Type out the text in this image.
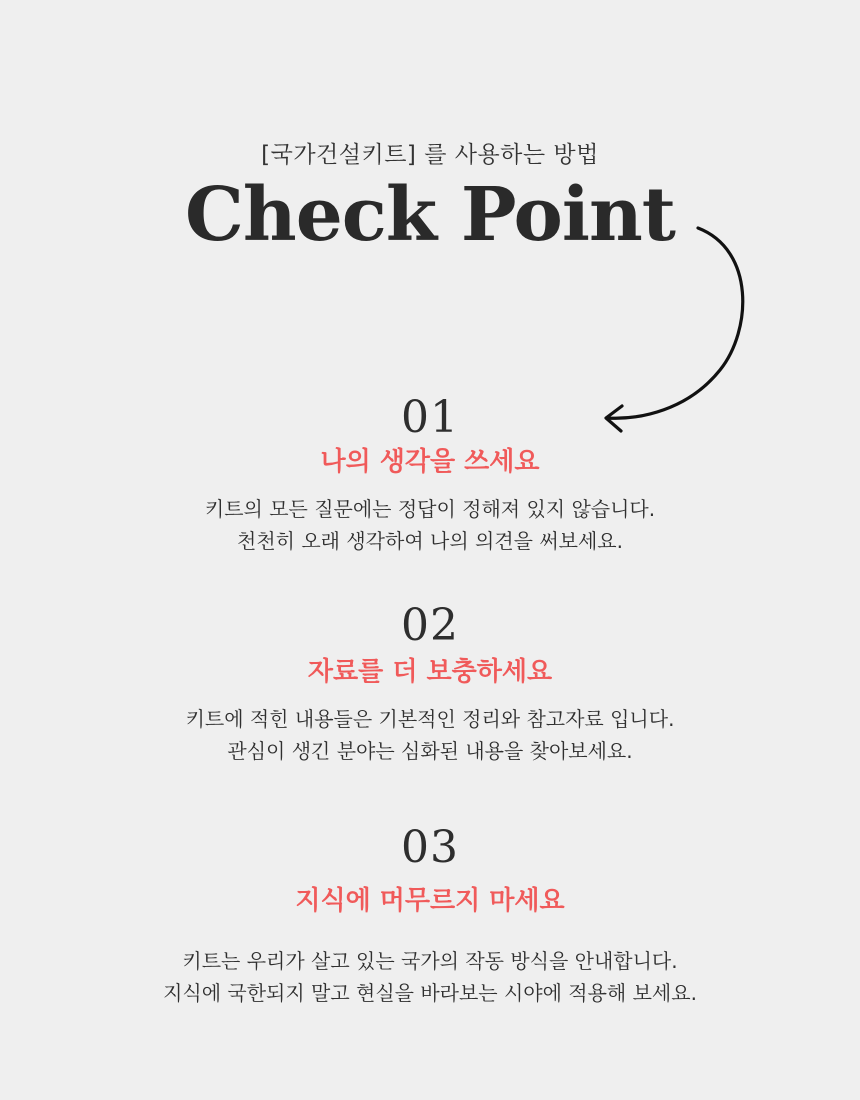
[국가건설키트] 를 사용하는 방법
Check Point
01
나의 생각을 쓰세요
키트의 모든 질문에는 정답이 정해져 있지 않습니다.
천천히 오래 생각하여 나의 의견을 써보세요.
02
자료를 더 보충하세요
키트에 적힌 내용들은 기본적인 정리와 참고자료 입니다.
관심이 생긴 분야는 심화된 내용을 찾아보세요.
03
지식에 머무르지 마세요
키트는 우리가 살고 있는 국가의 작동 방식을 안내합니다.
지식에 국한되지 말고 현실을 바라보는 시야에 적용해 보세요.
